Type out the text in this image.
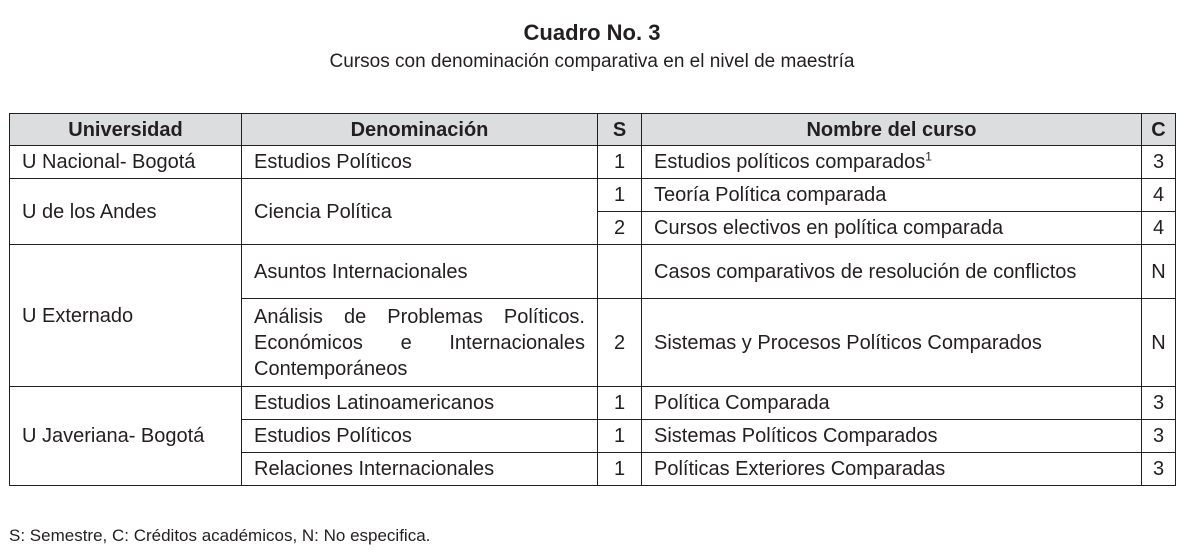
Cuadro No. 3
Cursos con denominación comparativa en el nivel de maestría
Universidad	Denominación	S	Nombre del curso	C
U Nacional- Bogotá	Estudios Políticos	1	Estudios políticos comparados$^1$	3
U de los Andes	Ciencia Política	1	Teoría Política comparada	4
		2	Cursos electivos en política comparada	4
U Externado	Asuntos Internacionales		Casos comparativos de resolución de conflictos	N
	Análisis de Problemas Políticos. Económicos e Internacionales Contemporáneos	2	Sistemas y Procesos Políticos Comparados	N
U Javeriana- Bogotá	Estudios Latinoamericanos	1	Política Comparada	3
	Estudios Políticos	1	Sistemas Políticos Comparados	3
	Relaciones Internacionales	1	Políticas Exteriores Comparadas	3
S: Semestre, C: Créditos académicos, N: No especifica.
